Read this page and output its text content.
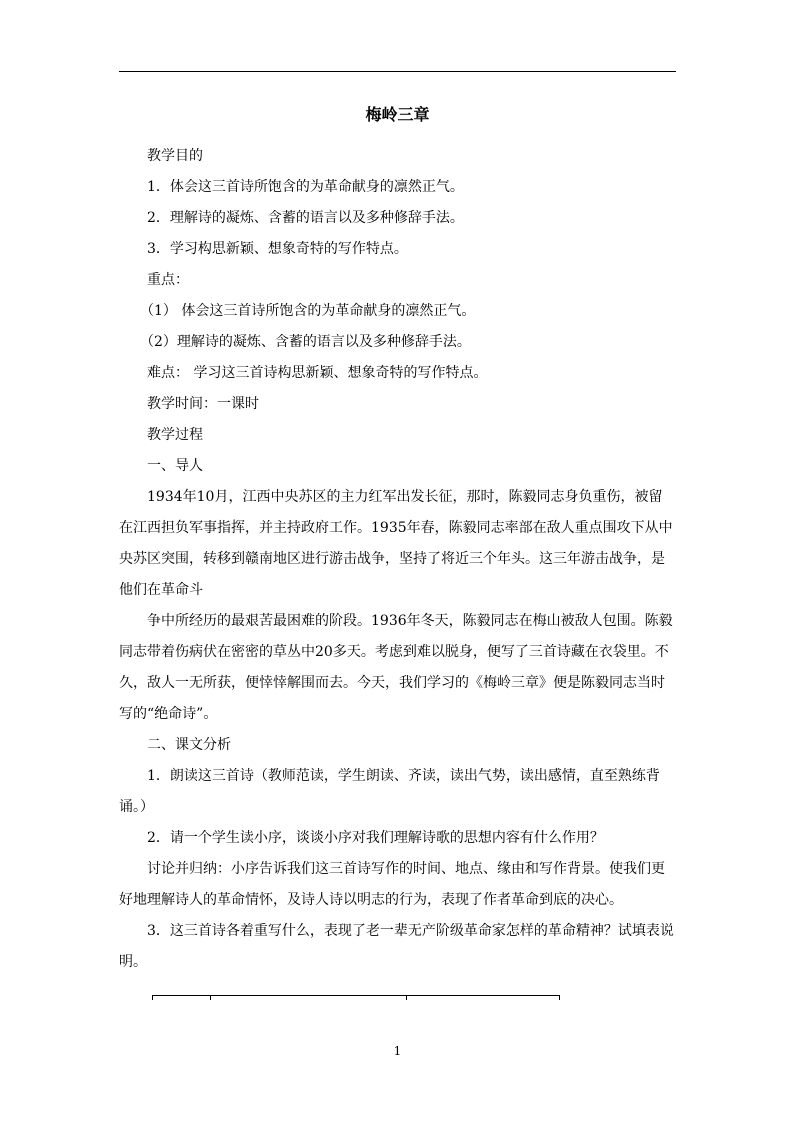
梅岭三章

教学目的

1．体会这三首诗所饱含的为革命献身的凛然正气。

2．理解诗的凝炼、含蓄的语言以及多种修辞手法。

3．学习构思新颖、想象奇特的写作特点。

重点：

（1） 体会这三首诗所饱含的为革命献身的凛然正气。

（2）理解诗的凝炼、含蓄的语言以及多种修辞手法。

难点： 学习这三首诗构思新颖、想象奇特的写作特点。

教学时间：一课时

教学过程

一、导人

1934年10月，江西中央苏区的主力红军出发长征，那时，陈毅同志身负重伤，被留在江西担负军事指挥，并主持政府工作。1935年春，陈毅同志率部在敌人重点围攻下从中央苏区突围，转移到赣南地区进行游击战争，坚持了将近三个年头。这三年游击战争，是他们在革命斗

争中所经历的最艰苦最困难的阶段。1936年冬天，陈毅同志在梅山被敌人包围。陈毅同志带着伤病伏在密密的草丛中20多天。考虑到难以脱身，便写了三首诗藏在衣袋里。不久，敌人一无所获，便悻悻解围而去。今天，我们学习的《梅岭三章》便是陈毅同志当时写的“绝命诗”。

二、课文分析

1．朗读这三首诗（教师范读，学生朗读、齐读，读出气势，读出感情，直至熟练背诵。）

2．请一个学生读小序，谈谈小序对我们理解诗歌的思想内容有什么作用？

讨论并归纳：小序告诉我们这三首诗写作的时间、地点、缘由和写作背景。使我们更好地理解诗人的革命情怀，及诗人诗以明志的行为，表现了作者革命到底的决心。

3．这三首诗各着重写什么，表现了老一辈无产阶级革命家怎样的革命精神？试填表说明。

1
